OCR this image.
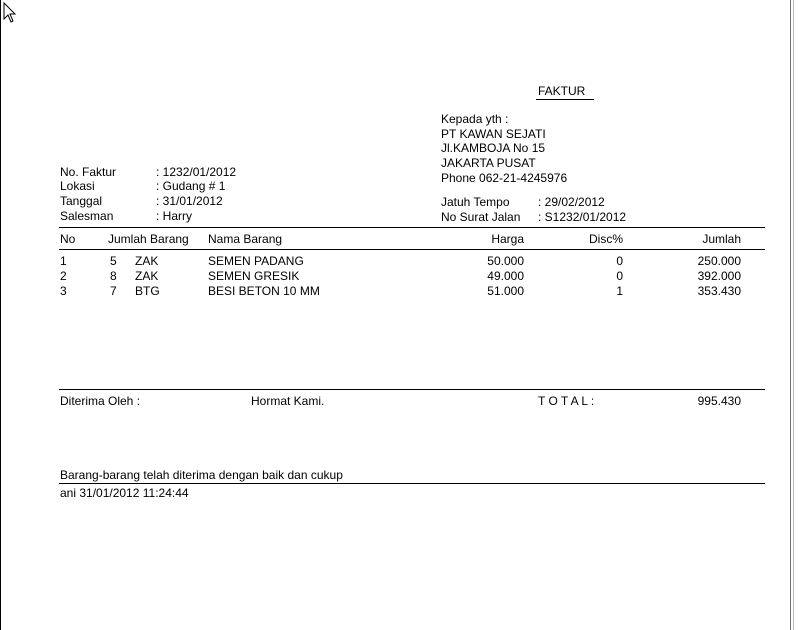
FAKTUR
Kepada yth :
PT KAWAN SEJATI
Jl.KAMBOJA No 15
JAKARTA PUSAT
Phone 062-21-4245976
No. Faktur	: 1232/01/2012
Lokasi	: Gudang # 1
Tanggal	: 31/01/2012
Salesman	: Harry
Jatuh Tempo : 29/02/2012
No Surat Jalan : S1232/01/2012
No	Jumlah Barang Nama Barang	Harga	Disc%	Jumlah
1	5 ZAK	SEMEN PADANG	50.000	0	250.000
2	8 ZAK	SEMEN GRESIK	49.000	0	392.000
3	7 BTG	BESI BETON 10 MM	51.000	1	353.430
Diterima Oleh :	Hormat Kami.	T O T A L :	995.430
Barang-barang telah diterima dengan baik dan cukup
ani 31/01/2012 11:24:44
